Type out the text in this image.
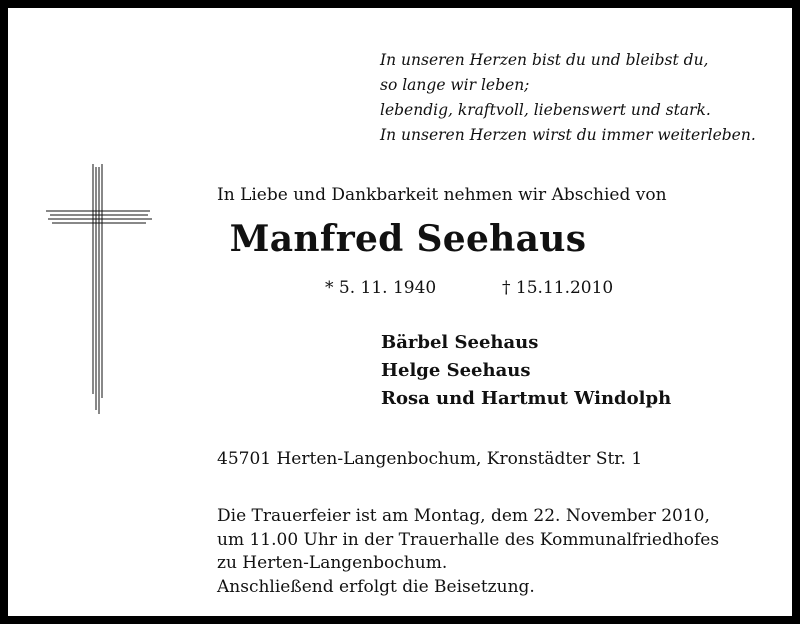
In unseren Herzen bist du und bleibst du,
so lange wir leben;
lebendig, kraftvoll, liebenswert und stark.
In unseren Herzen wirst du immer weiterleben.
In Liebe und Dankbarkeit nehmen wir Abschied von
Manfred Seehaus
* 5. 11. 1940	† 15.11.2010
Bärbel Seehaus
Helge Seehaus
Rosa und Hartmut Windolph
45701 Herten-Langenbochum, Kronstädter Str. 1
Die Trauerfeier ist am Montag, dem 22. November 2010,
um 11.00 Uhr in der Trauerhalle des Kommunalfriedhofes
zu Herten-Langenbochum.
Anschließend erfolgt die Beisetzung.
